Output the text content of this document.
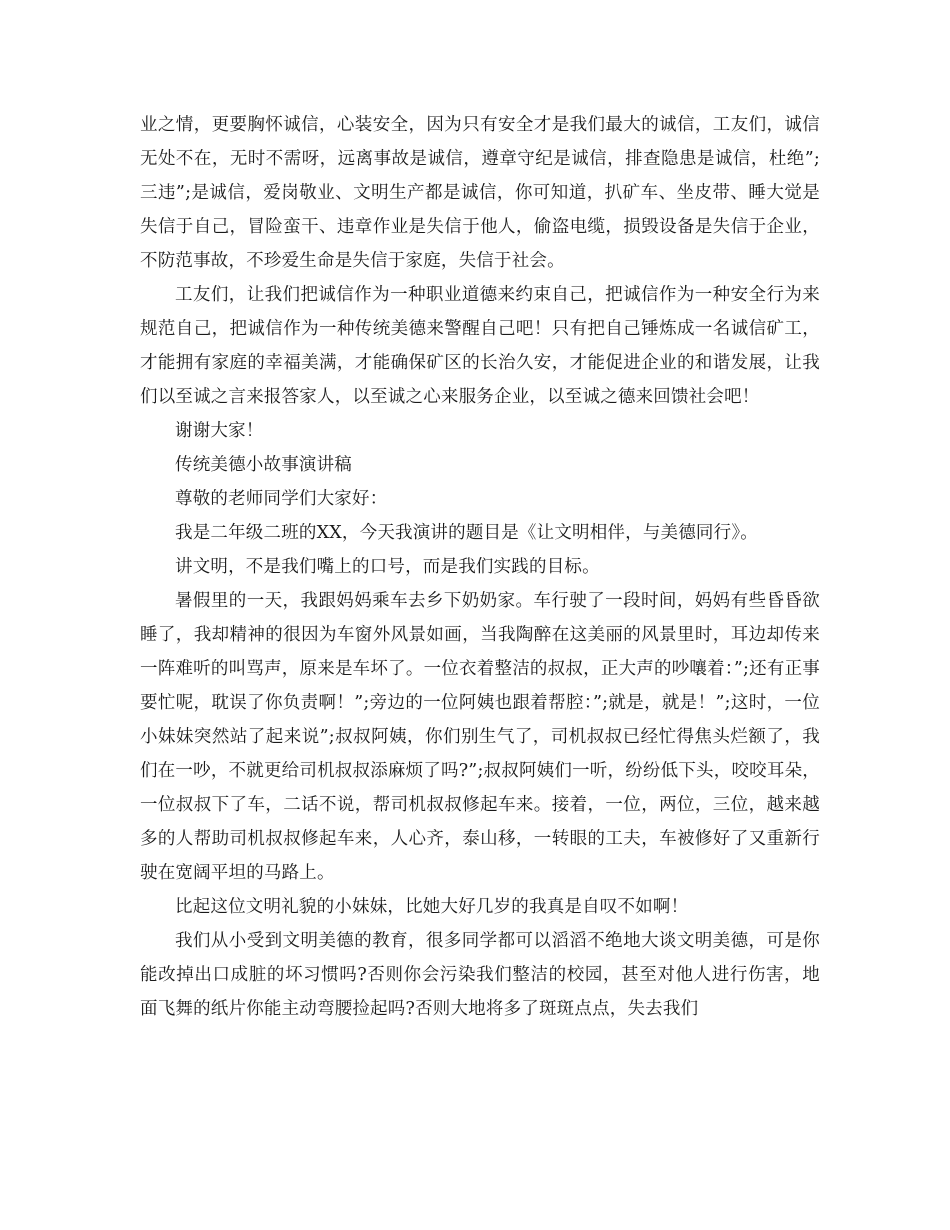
业之情，更要胸怀诚信，心装安全，因为只有安全才是我们最大的诚信，工友们，诚信无处不在，无时不需呀，远离事故是诚信，遵章守纪是诚信，排查隐患是诚信，杜绝”;三违”;是诚信，爱岗敬业、文明生产都是诚信，你可知道，扒矿车、坐皮带、睡大觉是失信于自己，冒险蛮干、违章作业是失信于他人，偷盗电缆，损毁设备是失信于企业，不防范事故，不珍爱生命是失信于家庭，失信于社会。

工友们，让我们把诚信作为一种职业道德来约束自己，把诚信作为一种安全行为来规范自己，把诚信作为一种传统美德来警醒自己吧！只有把自己锤炼成一名诚信矿工，才能拥有家庭的幸福美满，才能确保矿区的长治久安，才能促进企业的和谐发展，让我们以至诚之言来报答家人，以至诚之心来服务企业，以至诚之德来回馈社会吧！

谢谢大家！

传统美德小故事演讲稿

尊敬的老师同学们大家好：

我是二年级二班的XX，今天我演讲的题目是《让文明相伴，与美德同行》。

讲文明，不是我们嘴上的口号，而是我们实践的目标。

暑假里的一天，我跟妈妈乘车去乡下奶奶家。车行驶了一段时间，妈妈有些昏昏欲睡了，我却精神的很因为车窗外风景如画，当我陶醉在这美丽的风景里时，耳边却传来一阵难听的叫骂声，原来是车坏了。一位衣着整洁的叔叔，正大声的吵嚷着：”;还有正事要忙呢，耽误了你负责啊！”;旁边的一位阿姨也跟着帮腔：”;就是，就是！”;这时，一位小妹妹突然站了起来说”;叔叔阿姨，你们别生气了，司机叔叔已经忙得焦头烂额了，我们在一吵，不就更给司机叔叔添麻烦了吗?”;叔叔阿姨们一听，纷纷低下头，咬咬耳朵，一位叔叔下了车，二话不说，帮司机叔叔修起车来。接着，一位，两位，三位，越来越多的人帮助司机叔叔修起车来，人心齐，泰山移，一转眼的工夫，车被修好了又重新行驶在宽阔平坦的马路上。

比起这位文明礼貌的小妹妹，比她大好几岁的我真是自叹不如啊！

我们从小受到文明美德的教育，很多同学都可以滔滔不绝地大谈文明美德，可是你能改掉出口成脏的坏习惯吗?否则你会污染我们整洁的校园，甚至对他人进行伤害，地面飞舞的纸片你能主动弯腰捡起吗?否则大地将多了斑斑点点，失去我们
